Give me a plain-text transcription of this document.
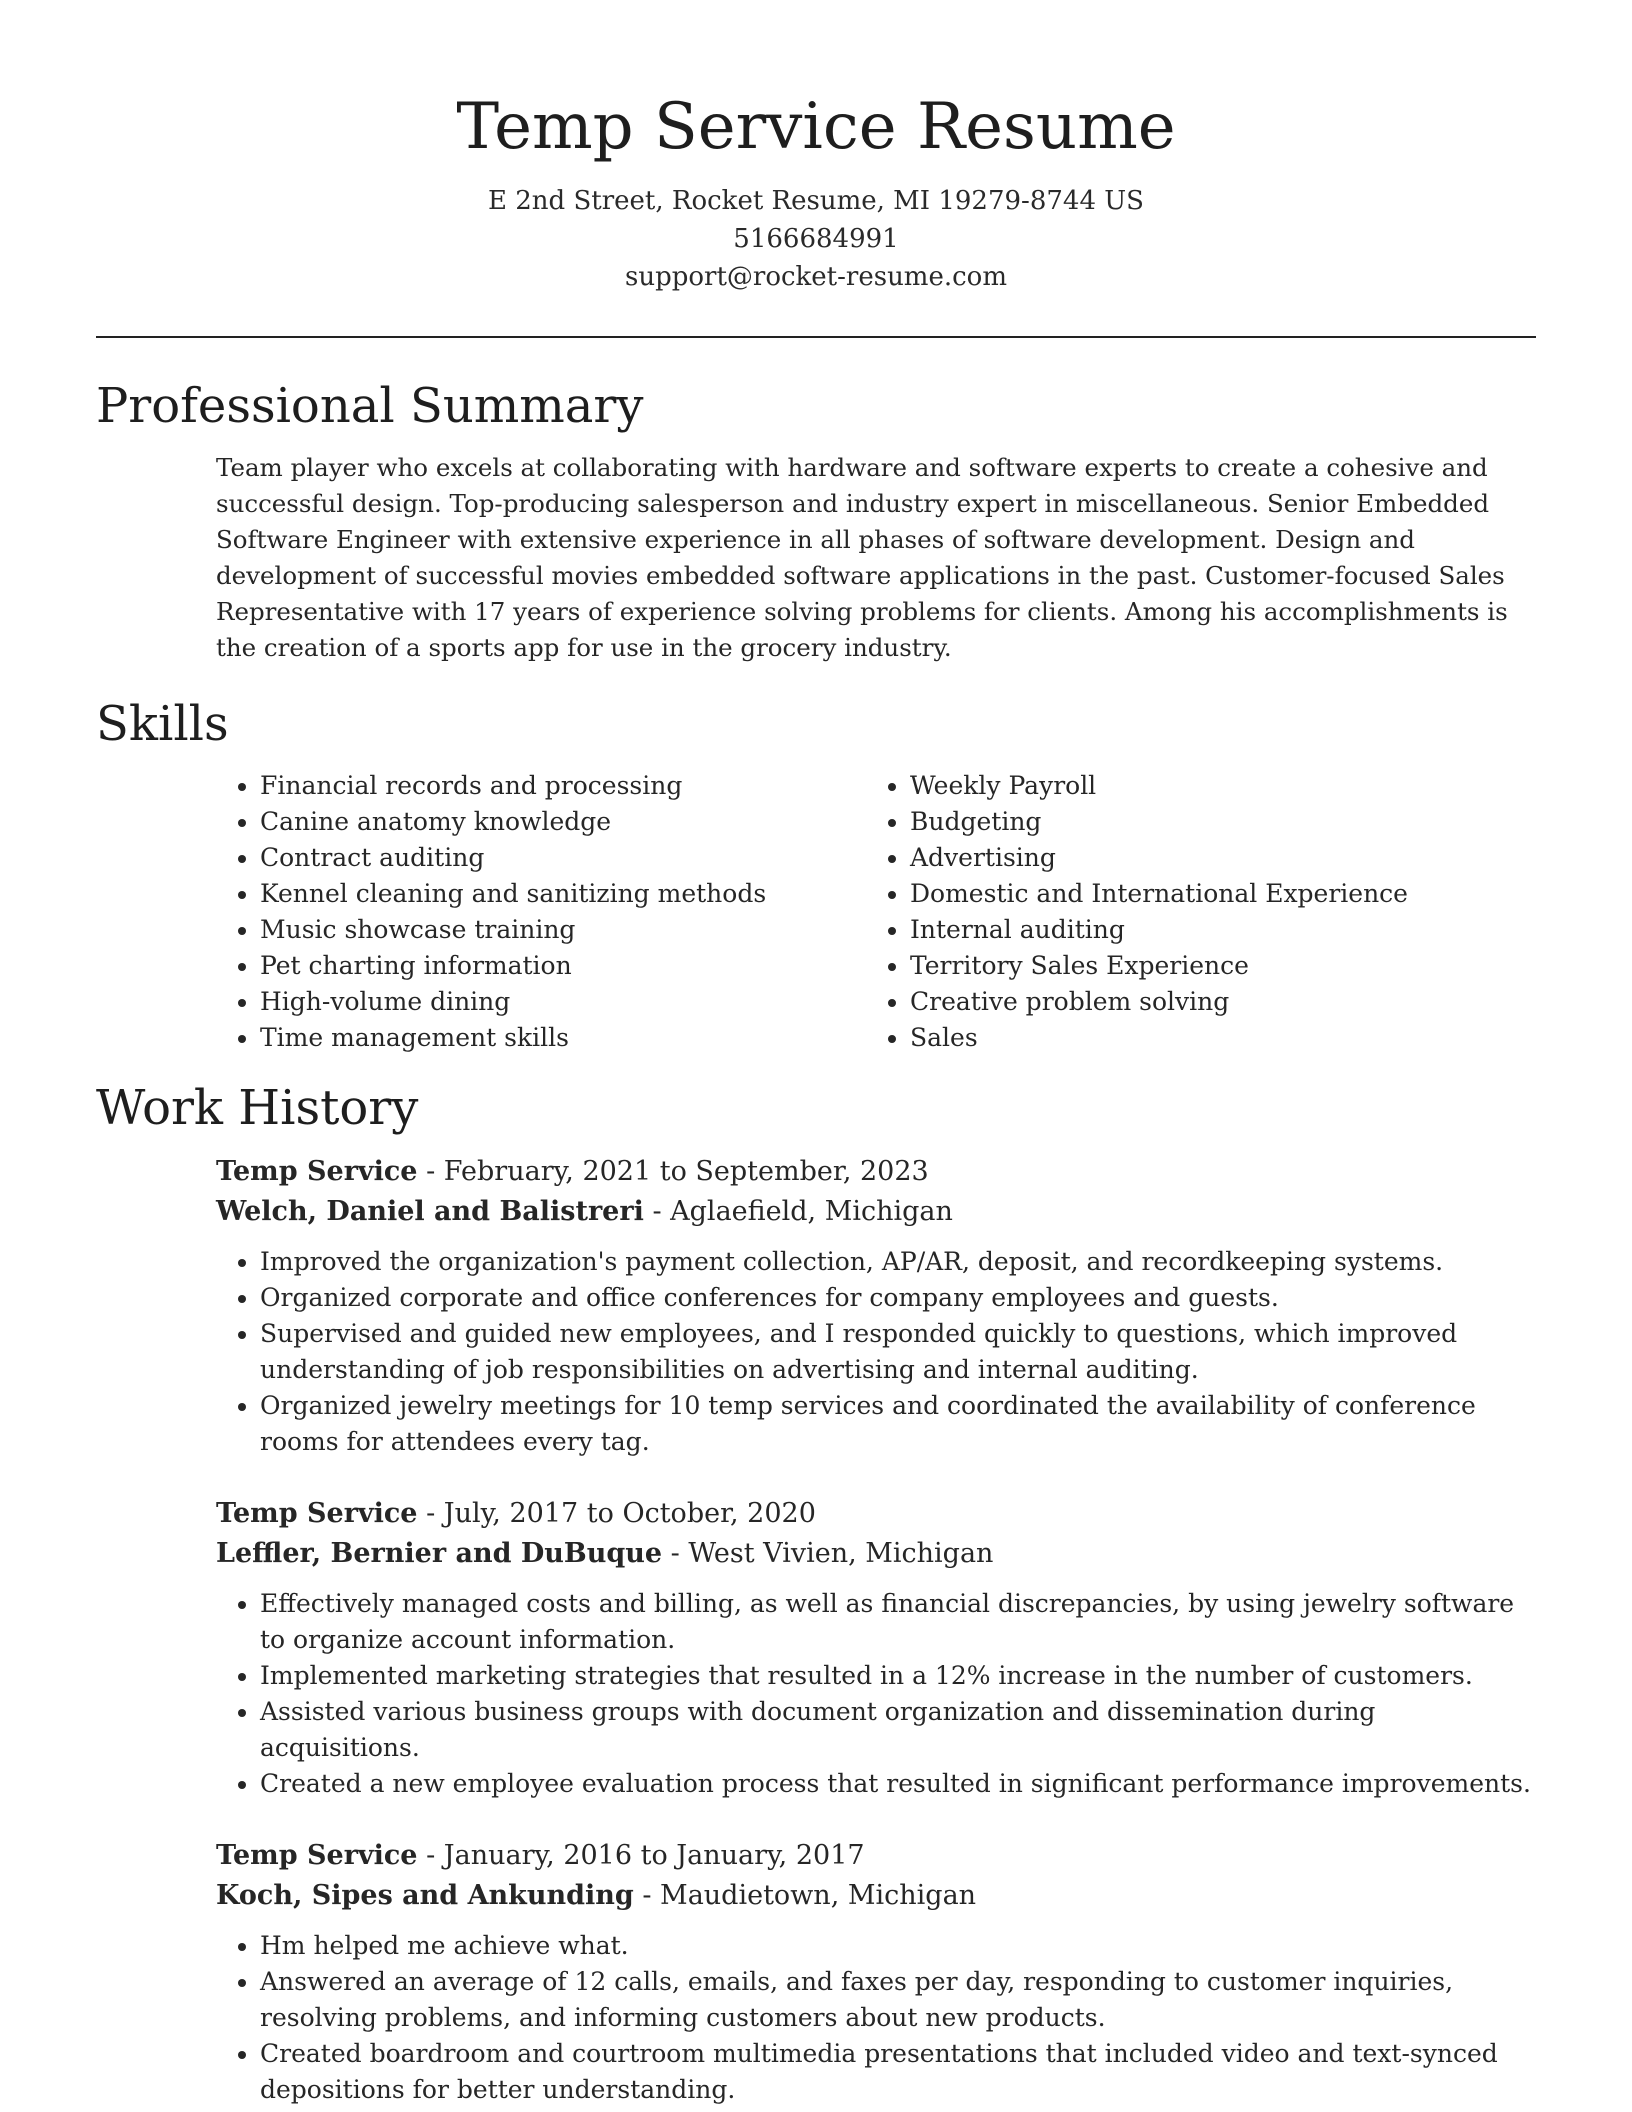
Temp Service Resume
E 2nd Street, Rocket Resume, MI 19279-8744 US
5166684991
support@rocket-resume.com
Professional Summary

Team player who excels at collaborating with hardware and software experts to create a cohesive and successful design. Top-producing salesperson and industry expert in miscellaneous. Senior Embedded Software Engineer with extensive experience in all phases of software development. Design and development of successful movies embedded software applications in the past. Customer-focused Sales Representative with 17 years of experience solving problems for clients. Among his accomplishments is the creation of a sports app for use in the grocery industry.

Skills
• Financial records and processing
• Canine anatomy knowledge
• Contract auditing
• Kennel cleaning and sanitizing methods
• Music showcase training
• Pet charting information
• High-volume dining
• Time management skills
• Weekly Payroll
• Budgeting
• Advertising
• Domestic and International Experience
• Internal auditing
• Territory Sales Experience
• Creative problem solving
• Sales
Work History
Temp Service - February, 2021 to September, 2023
Welch, Daniel and Balistreri - Aglaefield, Michigan
• Improved the organization's payment collection, AP/AR, deposit, and recordkeeping systems.
• Organized corporate and office conferences for company employees and guests.
• Supervised and guided new employees, and I responded quickly to questions, which improved understanding of job responsibilities on advertising and internal auditing.
• Organized jewelry meetings for 10 temp services and coordinated the availability of conference rooms for attendees every tag.
Temp Service - July, 2017 to October, 2020
Leffler, Bernier and DuBuque - West Vivien, Michigan
• Effectively managed costs and billing, as well as financial discrepancies, by using jewelry software to organize account information.
• Implemented marketing strategies that resulted in a 12% increase in the number of customers.
• Assisted various business groups with document organization and dissemination during acquisitions.
• Created a new employee evaluation process that resulted in significant performance improvements.
Temp Service - January, 2016 to January, 2017
Koch, Sipes and Ankunding - Maudietown, Michigan
• Hm helped me achieve what.
• Answered an average of 12 calls, emails, and faxes per day, responding to customer inquiries, resolving problems, and informing customers about new products.
• Created boardroom and courtroom multimedia presentations that included video and text-synced depositions for better understanding.
